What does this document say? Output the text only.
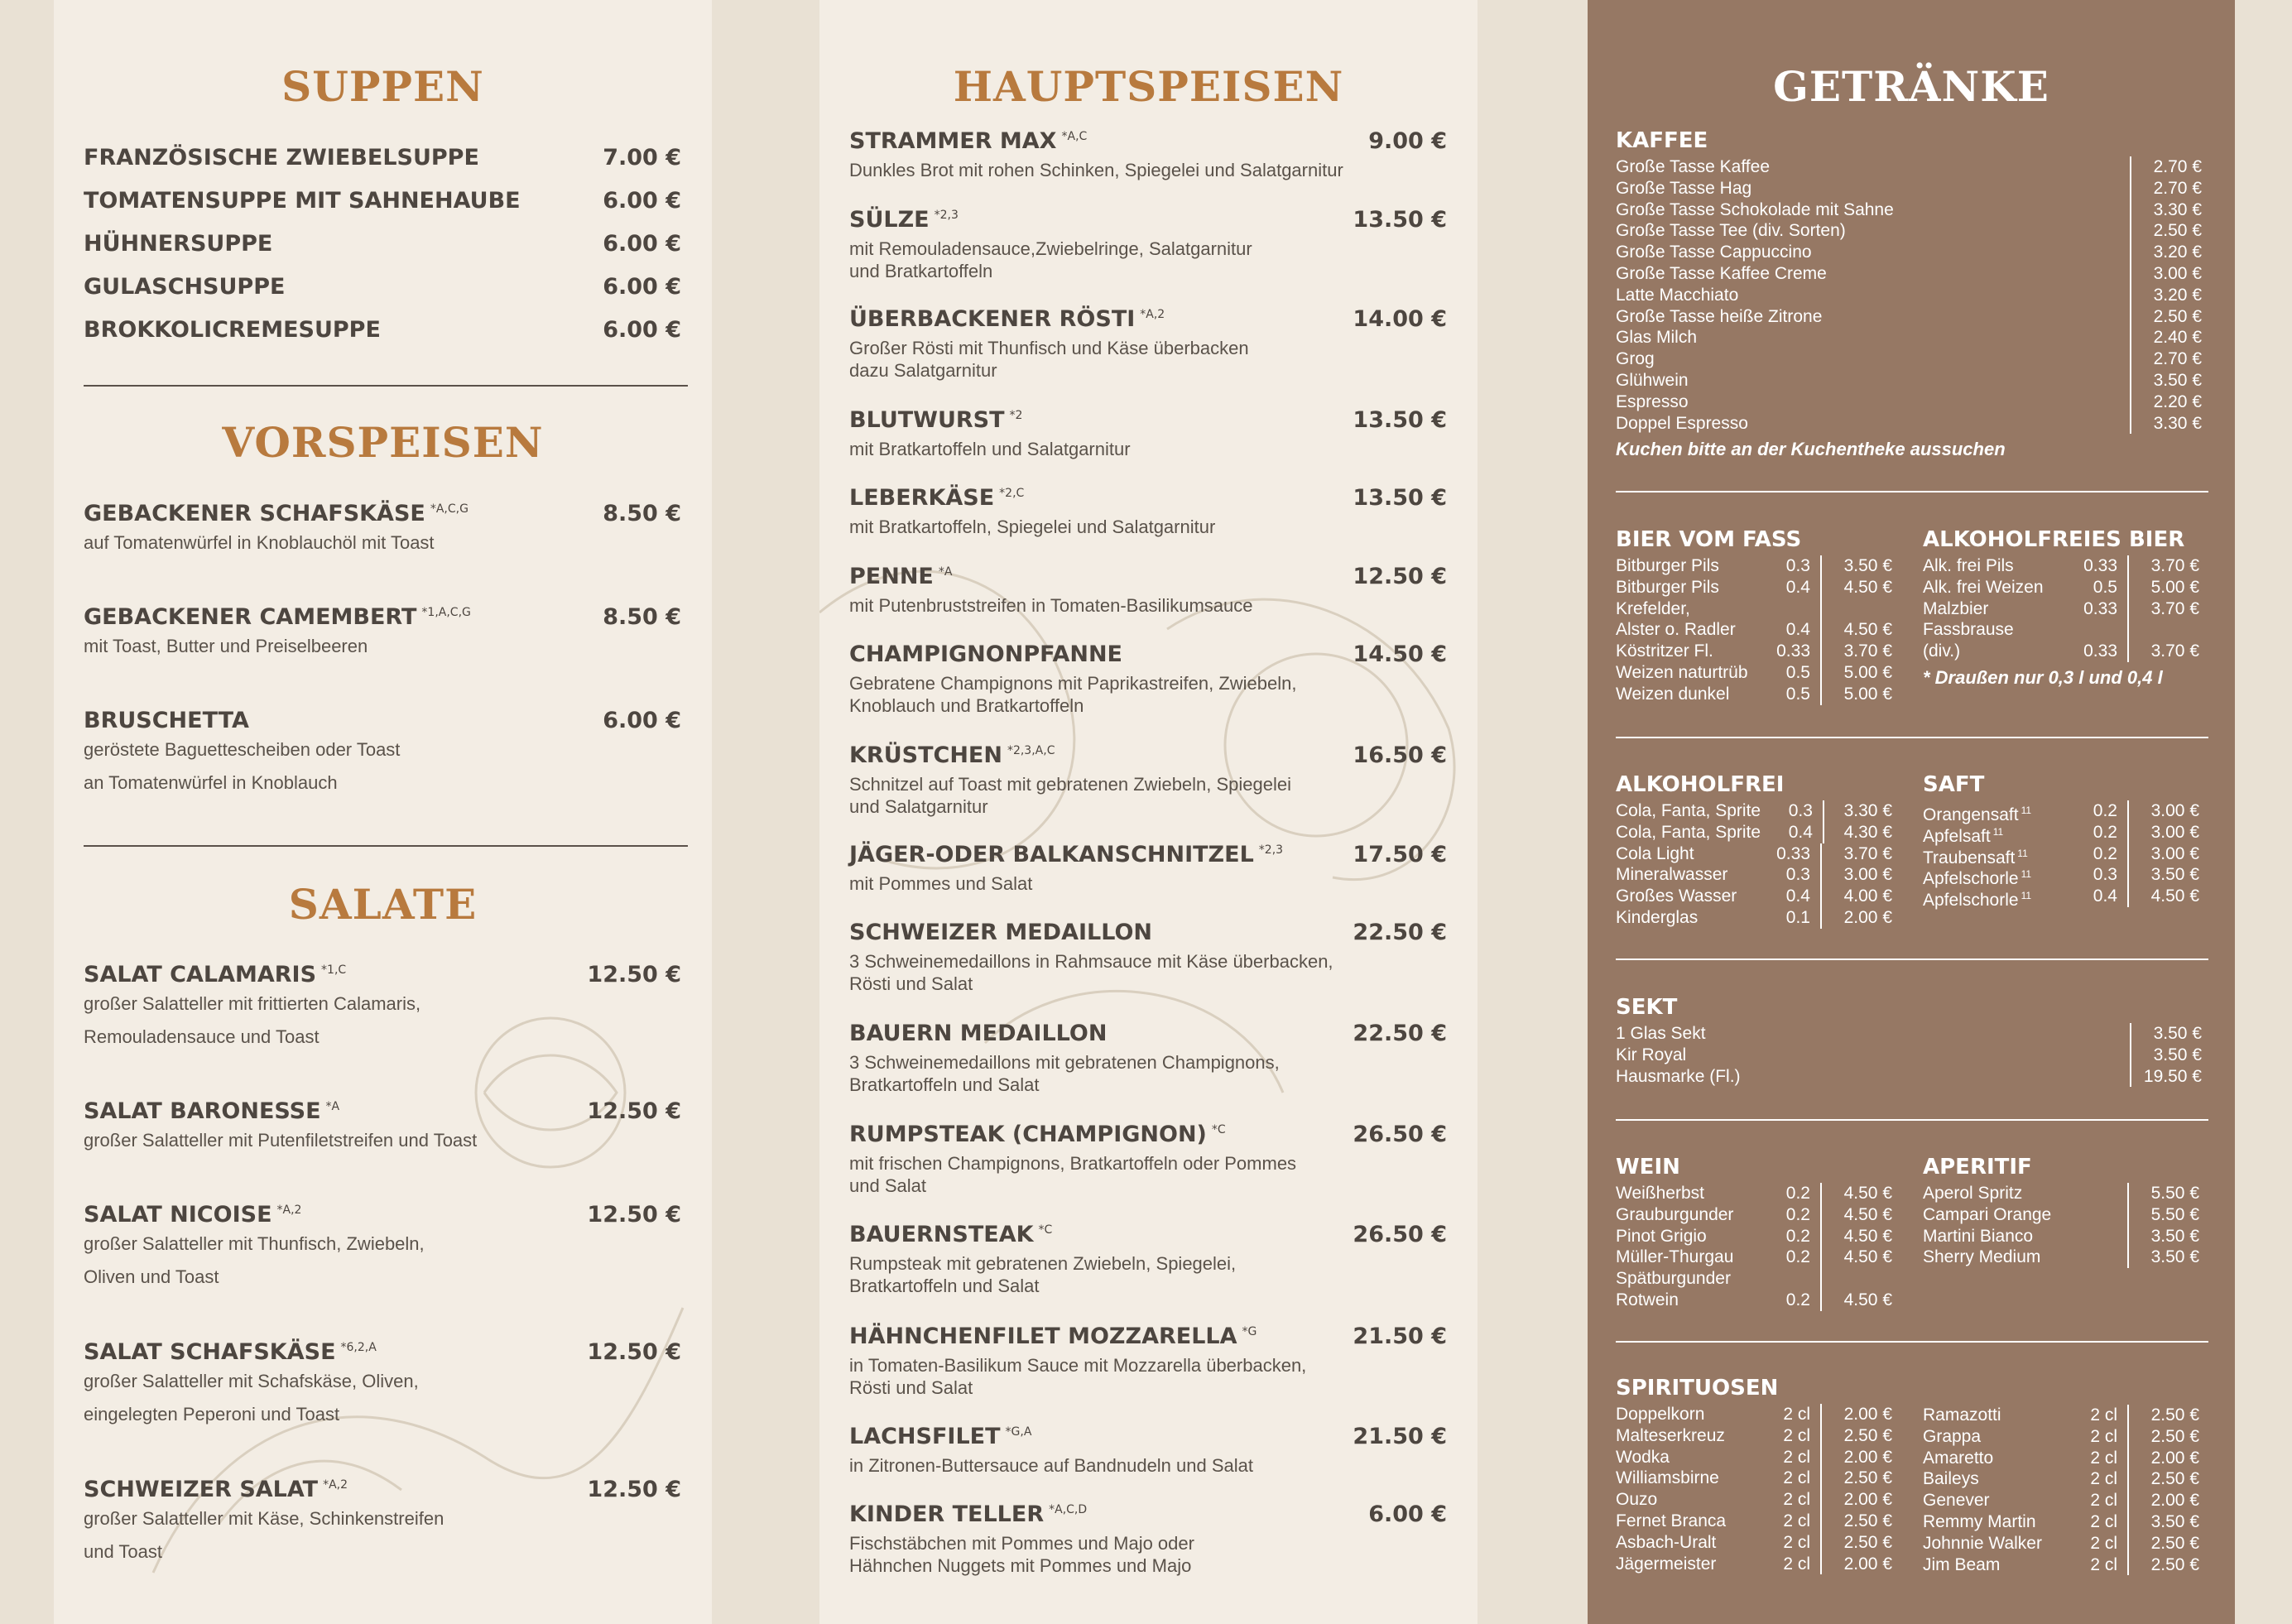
SUPPEN
FRANZÖSISCHE ZWIEBELSUPPE	7.00 €
TOMATENSUPPE MIT SAHNEHAUBE	6.00 €
HÜHNERSUPPE	6.00 €
GULASCHSUPPE	6.00 €
BROKKOLICREMESUPPE	6.00 €
VORSPEISEN
GEBACKENER SCHAFSKÄSE $^{*A,C,G}$	8.50 €
auf Tomatenwürfel in Knoblauchöl mit Toast
GEBACKENER CAMEMBERT $^{*1,A,C,G}$	8.50 €
mit Toast, Butter und Preiselbeeren
BRUSCHETTA	6.00 €
geröstete Baguettescheiben oder Toast
an Tomatenwürfel in Knoblauch
SALATE
SALAT CALAMARIS $^{*1,C}$	12.50 €
großer Salatteller mit frittierten Calamaris,
Remouladensauce und Toast
SALAT BARONESSE $^{*A}$	12.50 €
großer Salatteller mit Putenfiletstreifen und Toast
SALAT NICOISE $^{*A,2}$	12.50 €
großer Salatteller mit Thunfisch, Zwiebeln,
Oliven und Toast
SALAT SCHAFSKÄSE $^{*6,2,A}$	12.50 €
großer Salatteller mit Schafskäse, Oliven,
eingelegten Peperoni und Toast
SCHWEIZER SALAT $^{*A,2}$	12.50 €
großer Salatteller mit Käse, Schinkenstreifen
und Toast
HAUPTSPEISEN
STRAMMER MAX $^{*A,C}$	9.00 €
Dunkles Brot mit rohen Schinken, Spiegelei und Salatgarnitur
SÜLZE $^{*2,3}$	13.50 €
mit Remouladensauce,Zwiebelringe, Salatgarnitur
und Bratkartoffeln
ÜBERBACKENER RÖSTI $^{*A,2}$	14.00 €
Großer Rösti mit Thunfisch und Käse überbacken
dazu Salatgarnitur
BLUTWURST $^{*2}$	13.50 €
mit Bratkartoffeln und Salatgarnitur
LEBERKÄSE $^{*2,C}$	13.50 €
mit Bratkartoffeln, Spiegelei und Salatgarnitur
PENNE $^{*A}$	12.50 €
mit Putenbruststreifen in Tomaten-Basilikumsauce
CHAMPIGNONPFANNE	14.50 €
Gebratene Champignons mit Paprikastreifen, Zwiebeln,
Knoblauch und Bratkartoffeln
KRÜSTCHEN $^{*2,3,A,C}$	16.50 €
Schnitzel auf Toast mit gebratenen Zwiebeln, Spiegelei
und Salatgarnitur
JÄGER-ODER BALKANSCHNITZEL $^{*2,3}$	17.50 €
mit Pommes und Salat
SCHWEIZER MEDAILLON	22.50 €
3 Schweinemedaillons in Rahmsauce mit Käse überbacken,
Rösti und Salat
BAUERN MEDAILLON	22.50 €
3 Schweinemedaillons mit gebratenen Champignons,
Bratkartoffeln und Salat
RUMPSTEAK (CHAMPIGNON) $^{*C}$	26.50 €
mit frischen Champignons, Bratkartoffeln oder Pommes
und Salat
BAUERNSTEAK $^{*C}$	26.50 €
Rumpsteak mit gebratenen Zwiebeln, Spiegelei,
Bratkartoffeln und Salat
HÄHNCHENFILET MOZZARELLA $^{*G}$	21.50 €
in Tomaten-Basilikum Sauce mit Mozzarella überbacken,
Rösti und Salat
LACHSFILET $^{*G,A}$	21.50 €
in Zitronen-Buttersauce auf Bandnudeln und Salat
KINDER TELLER $^{*A,C,D}$	6.00 €
Fischstäbchen mit Pommes und Majo oder
Hähnchen Nuggets mit Pommes und Majo
GETRÄNKE
KAFFEE
Große Tasse Kaffee	2.70 €
Große Tasse Hag	2.70 €
Große Tasse Schokolade mit Sahne	3.30 €
Große Tasse Tee (div. Sorten)	2.50 €
Große Tasse Cappuccino	3.20 €
Große Tasse Kaffee Creme	3.00 €
Latte Macchiato	3.20 €
Große Tasse heiße Zitrone	2.50 €
Glas Milch	2.40 €
Grog	2.70 €
Glühwein	3.50 €
Espresso	2.20 €
Doppel Espresso	3.30 €
Kuchen bitte an der Kuchentheke aussuchen
BIER VOM FASS
Bitburger Pils	0.3	3.50 €
Bitburger Pils	0.4	4.50 €
Krefelder,
Alster o. Radler	0.4	4.50 €
Köstritzer Fl.	0.33	3.70 €
Weizen naturtrüb	0.5	5.00 €
Weizen dunkel	0.5	5.00 €
ALKOHOLFREIES BIER
Alk. frei Pils	0.33	3.70 €
Alk. frei Weizen	0.5	5.00 €
Malzbier	0.33	3.70 €
Fassbrause
(div.)	0.33	3.70 €
* Draußen nur 0,3 l und 0,4 l
ALKOHOLFREI
Cola, Fanta, Sprite	0.3	3.30 €
Cola, Fanta, Sprite	0.4	4.30 €
Cola Light	0.33	3.70 €
Mineralwasser	0.3	3.00 €
Großes Wasser	0.4	4.00 €
Kinderglas	0.1	2.00 €
SAFT
Orangensaft $^{11}$	0.2	3.00 €
Apfelsaft $^{11}$	0.2	3.00 €
Traubensaft $^{11}$	0.2	3.00 €
Apfelschorle $^{11}$	0.3	3.50 €
Apfelschorle $^{11}$	0.4	4.50 €
SEKT
1 Glas Sekt	3.50 €
Kir Royal	3.50 €
Hausmarke (Fl.)	19.50 €
WEIN
Weißherbst	0.2	4.50 €
Grauburgunder	0.2	4.50 €
Pinot Grigio	0.2	4.50 €
Müller-Thurgau	0.2	4.50 €
Spätburgunder
Rotwein	0.2	4.50 €
APERITIF
Aperol Spritz	5.50 €
Campari Orange	5.50 €
Martini Bianco	3.50 €
Sherry Medium	3.50 €
SPIRITUOSEN
Doppelkorn	2 cl	2.00 €
Malteserkreuz	2 cl	2.50 €
Wodka	2 cl	2.00 €
Williamsbirne	2 cl	2.50 €
Ouzo	2 cl	2.00 €
Fernet Branca	2 cl	2.50 €
Asbach-Uralt	2 cl	2.50 €
Jägermeister	2 cl	2.00 €
Ramazotti	2 cl	2.50 €
Grappa	2 cl	2.50 €
Amaretto	2 cl	2.00 €
Baileys	2 cl	2.50 €
Genever	2 cl	2.00 €
Remmy Martin	2 cl	3.50 €
Johnnie Walker	2 cl	2.50 €
Jim Beam	2 cl	2.50 €
